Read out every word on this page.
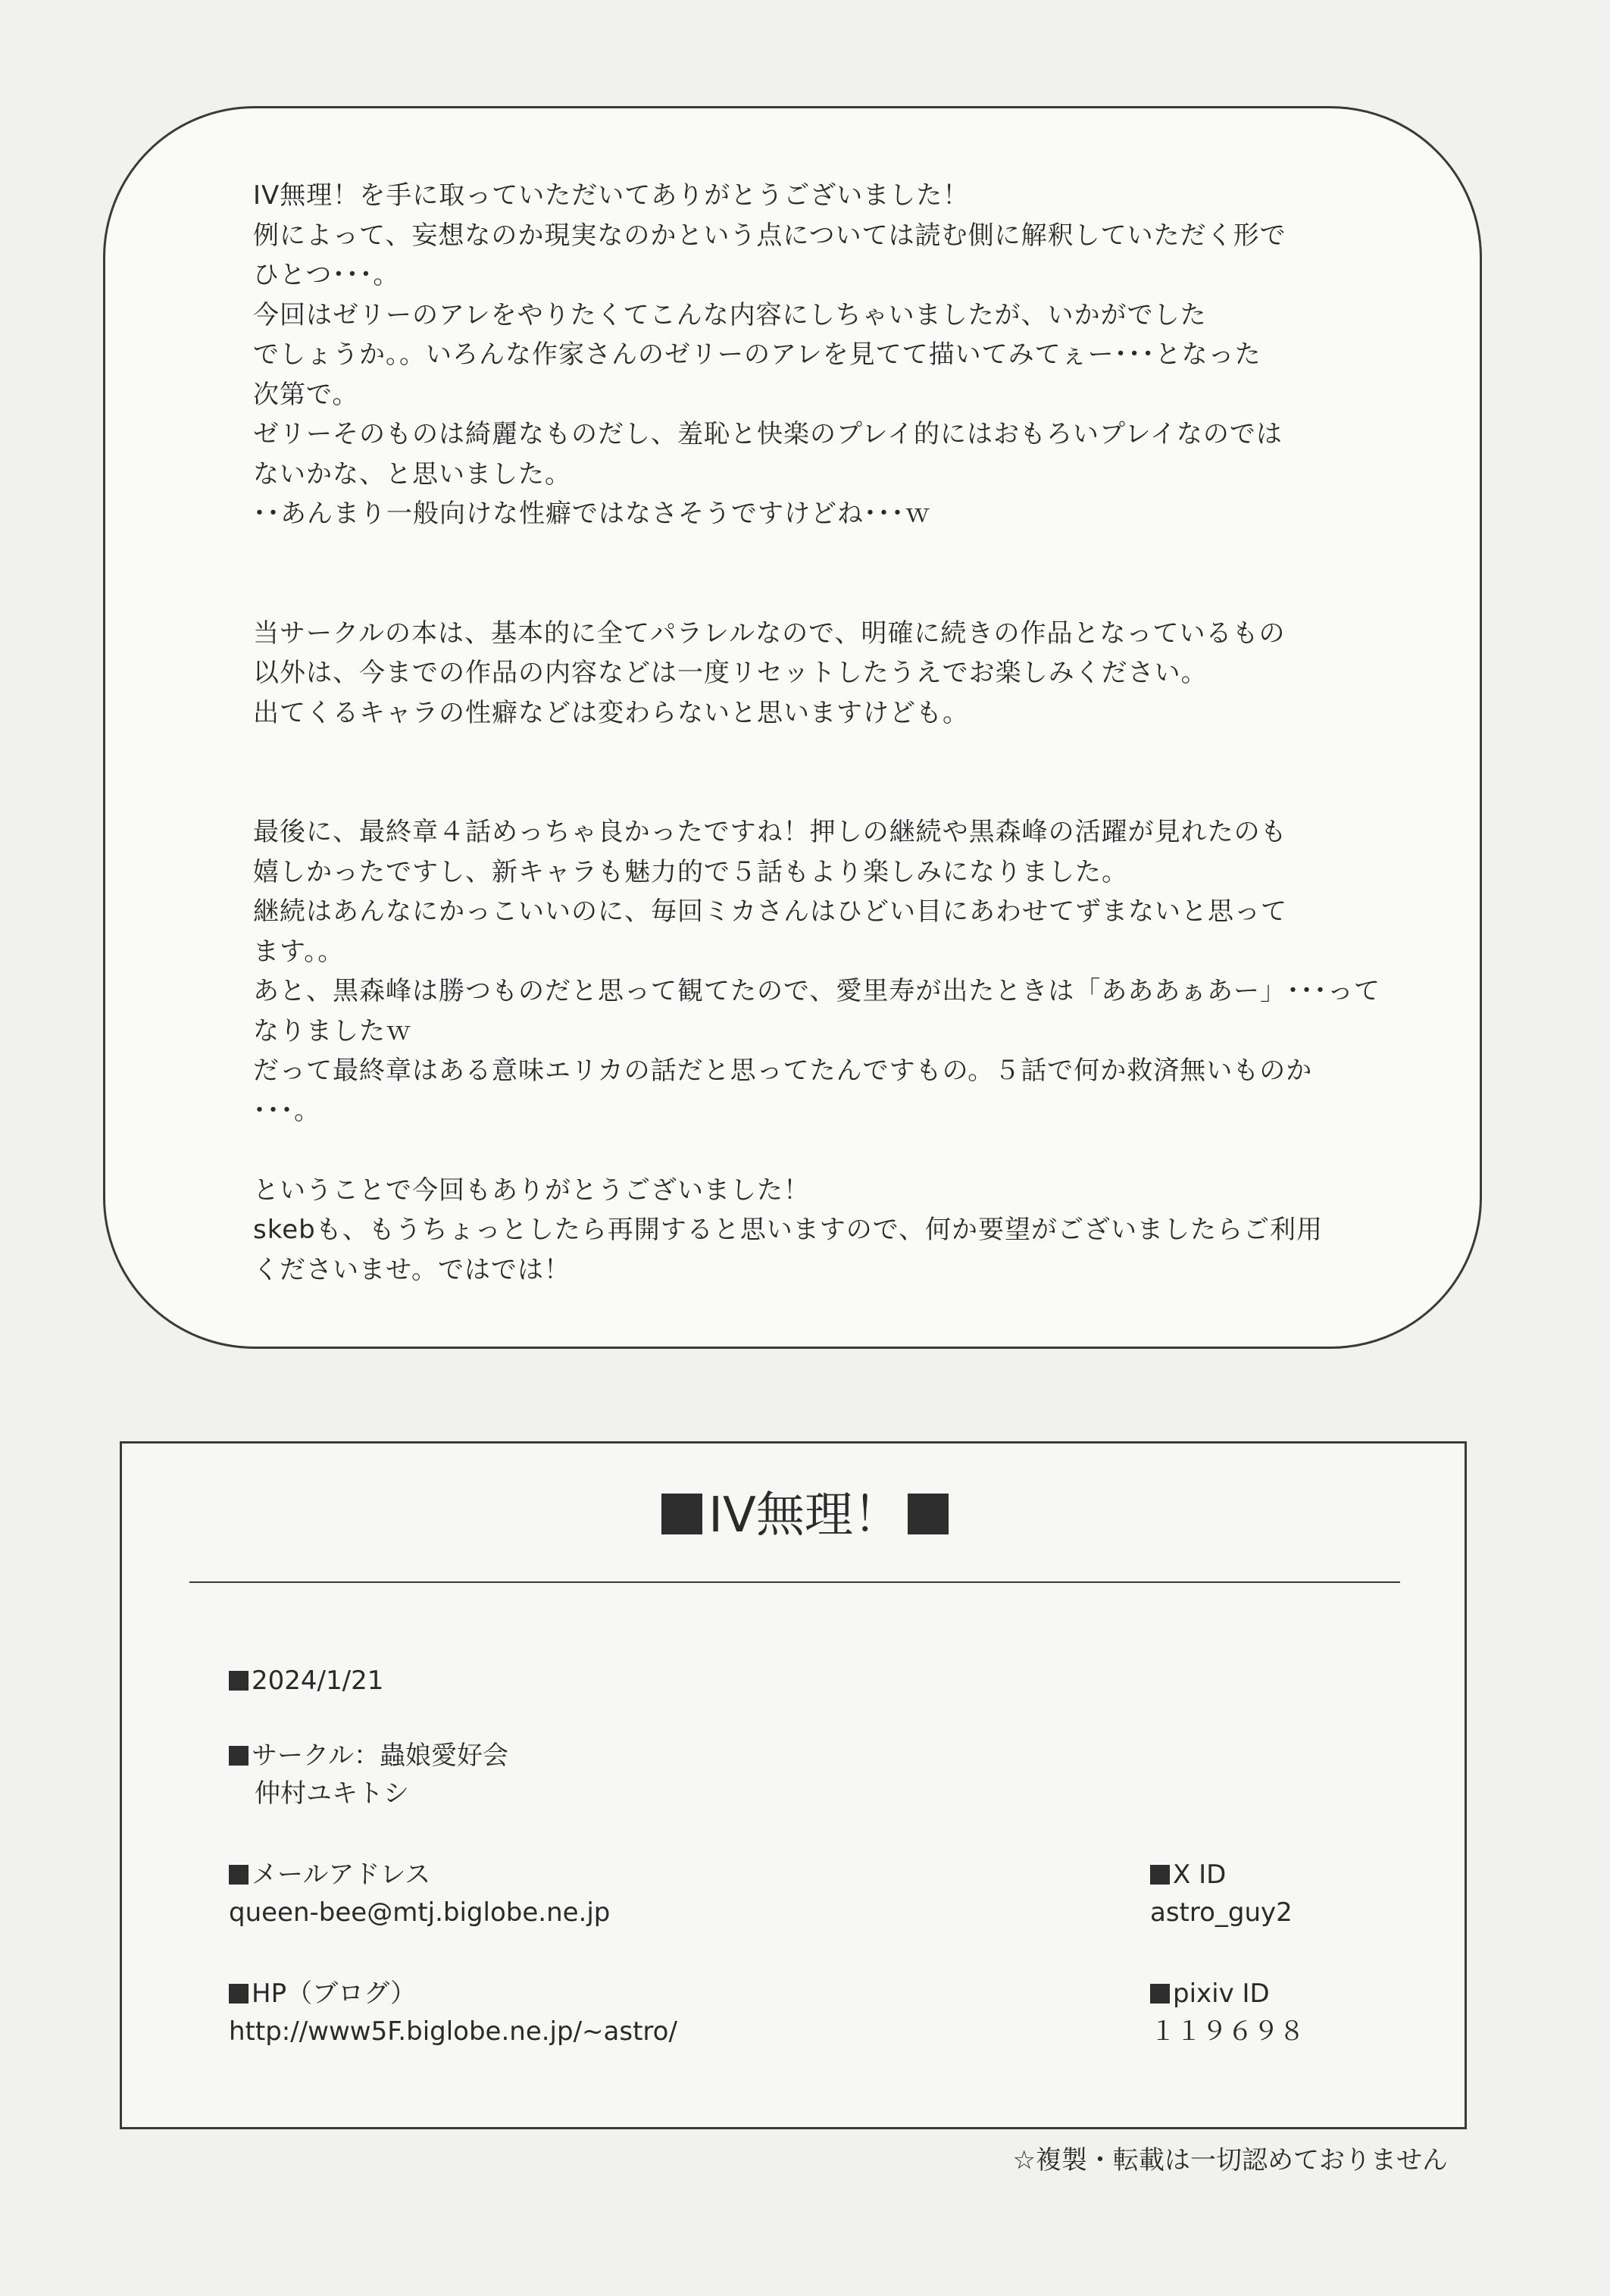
IV無理！を手に取っていただいてありがとうございました！
例によって、妄想なのか現実なのかという点については読む側に解釈していただく形で
ひとつ･･･。
今回はゼリーのアレをやりたくてこんな内容にしちゃいましたが、いかがでした
でしょうか。。いろんな作家さんのゼリーのアレを見てて描いてみてぇー･･･となった
次第で。
ゼリーそのものは綺麗なものだし、羞恥と快楽のプレイ的にはおもろいプレイなのでは
ないかな、と思いました。
･･あんまり一般向けな性癖ではなさそうですけどね･･･ｗ
当サークルの本は、基本的に全てパラレルなので、明確に続きの作品となっているもの
以外は、今までの作品の内容などは一度リセットしたうえでお楽しみください。
出てくるキャラの性癖などは変わらないと思いますけども。
最後に、最終章４話めっちゃ良かったですね！押しの継続や黒森峰の活躍が見れたのも
嬉しかったですし、新キャラも魅力的で５話もより楽しみになりました。
継続はあんなにかっこいいのに、毎回ミカさんはひどい目にあわせてずまないと思って
ます。。
あと、黒森峰は勝つものだと思って観てたので、愛里寿が出たときは「あああぁあー」･･･って
なりましたｗ
だって最終章はある意味エリカの話だと思ってたんですもの。５話で何か救済無いものか
･･･。
ということで今回もありがとうございました！
skebも、もうちょっとしたら再開すると思いますので、何か要望がございましたらご利用
くださいませ。ではでは！
IV無理！
2024/1/21
サークル：蟲娘愛好会
仲村ユキトシ
メールアドレス
queen-bee@mtj.biglobe.ne.jp
HP（ブログ）
http://www5F.biglobe.ne.jp/~astro/
X ID
astro_guy2
pixiv ID
１１９６９８
☆複製・転載は一切認めておりません
